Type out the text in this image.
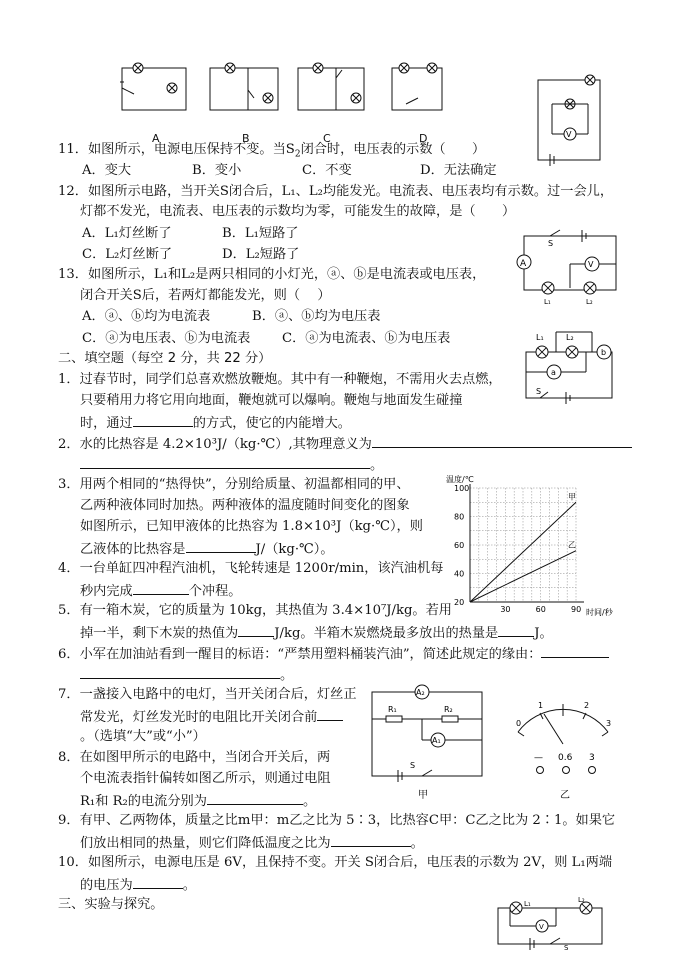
A	B	C	D	V
11．如图所示，电源电压保持不变。当$S_2$闭合时，电压表的示数（　　）
A．变大	B．变小	C．不变	D．无法确定
12．如图所示电路，当开关S闭合后，L₁、L₂均能发光。电流表、电压表均有示数。过一会儿，
灯都不发光，电流表、电压表的示数均为零，可能发生的故障，是（　　）
A．L₁灯丝断了	B．L₁短路了
C．L₂灯丝断了	D．L₂短路了
A	V
S
L₁	L₂
13．如图所示，L₁和L₂是两只相同的小灯光，ⓐ、ⓑ是电流表或电压表，
闭合开关S后，若两灯都能发光，则（　 ）
A．ⓐ、ⓑ均为电流表	B．ⓐ、ⓑ均为电压表
C．ⓐ为电压表、ⓑ为电流表 C．ⓐ为电流表、ⓑ为电压表	L₁	L₂
b
a
S
二、填空题（每空 2 分，共 22 分）
1．过春节时，同学们总喜欢燃放鞭炮。其中有一种鞭炮，不需用火去点燃，
只要稍用力将它用向地面，鞭炮就可以爆响。鞭炮与地面发生碰撞
时，通过	的方式，使它的内能增大。
2．水的比热容是 4.2×10³J/（kg·℃）,其物理意义为
。
3．用两个相同的“热得快”，分别给质量、初温都相同的甲、
乙两种液体同时加热。两种液体的温度随时间变化的图象
如图所示，已知甲液体的比热容为 1.8×10³J（kg·℃），则
乙液体的比热容是	J/（kg·℃）。
温度/℃
时间/秒
30	60	90
20
40
60
80
100
甲
乙
4．一台单缸四冲程汽油机，飞轮转速是 1200r/min，该汽油机每
秒内完成	个冲程。
5．有一箱木炭，它的质量为 10kg，其热值为 3.4×10⁷J/kg。若用
掉一半，剩下木炭的热值为	J/kg。半箱木炭燃烧最多放出的热量是	J。
6．小军在加油站看到一醒目的标语：“严禁用塑料桶装汽油”，简述此规定的缘由：
。
7．一盏接入电路中的电灯，当开关闭合后，灯丝正
常发光，灯丝发光时的电阻比开关闭合前
。（选填“大”或“小”）
8．在如图甲所示的电路中，当闭合开关后，两
个电流表指针偏转如图乙所示，则通过电阻
R₁和 R₂的电流分别为	。
A₂
R₁	R₂
A₁
S
甲
0
1	2
3
— 0.6 3
乙
9．有甲、乙两物体，质量之比m甲：m乙之比为 5∶3，比热容C甲：C乙之比为 2∶1。如果它
们放出相同的热量，则它们降低温度之比为	。
10．如图所示，电源电压是 6V，且保持不变。开关 S闭合后，电压表的示数为 2V，则 L₁两端
的电压为	。
三、实验与探究。	L₁	L₂
V
S
